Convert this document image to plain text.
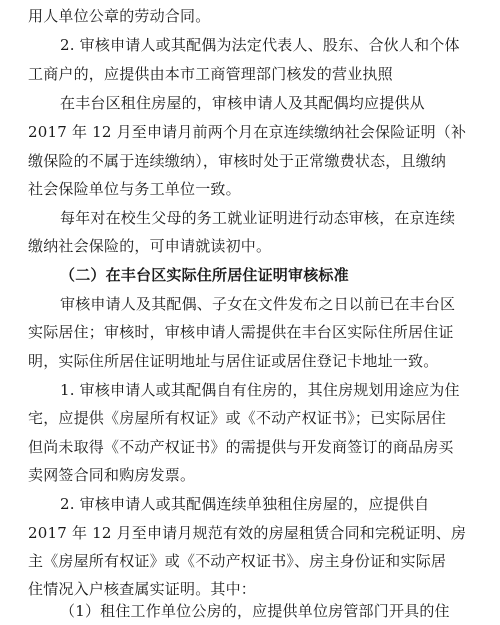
用人单位公章的劳动合同。
2. 审核申请人或其配偶为法定代表人、股东、合伙人和个体
工商户的，应提供由本市工商管理部门核发的营业执照
在丰台区租住房屋的，审核申请人及其配偶均应提供从
2017 年 12 月至申请月前两个月在京连续缴纳社会保险证明（补
缴保险的不属于连续缴纳），审核时处于正常缴费状态，且缴纳
社会保险单位与务工单位一致。
每年对在校生父母的务工就业证明进行动态审核，在京连续
缴纳社会保险的，可申请就读初中。
（二）在丰台区实际住所居住证明审核标准
审核申请人及其配偶、子女在文件发布之日以前已在丰台区
实际居住；审核时，审核申请人需提供在丰台区实际住所居住证
明，实际住所居住证明地址与居住证或居住登记卡地址一致。
1. 审核申请人或其配偶自有住房的，其住房规划用途应为住
宅，应提供《房屋所有权证》或《不动产权证书》；已实际居住
但尚未取得《不动产权证书》的需提供与开发商签订的商品房买
卖网签合同和购房发票。
2. 审核申请人或其配偶连续单独租住房屋的，应提供自
2017 年 12 月至申请月规范有效的房屋租赁合同和完税证明、房
主《房屋所有权证》或《不动产权证书》、房主身份证和实际居
住情况入户核查属实证明。其中：
（1）租住工作单位公房的，应提供单位房管部门开具的住
